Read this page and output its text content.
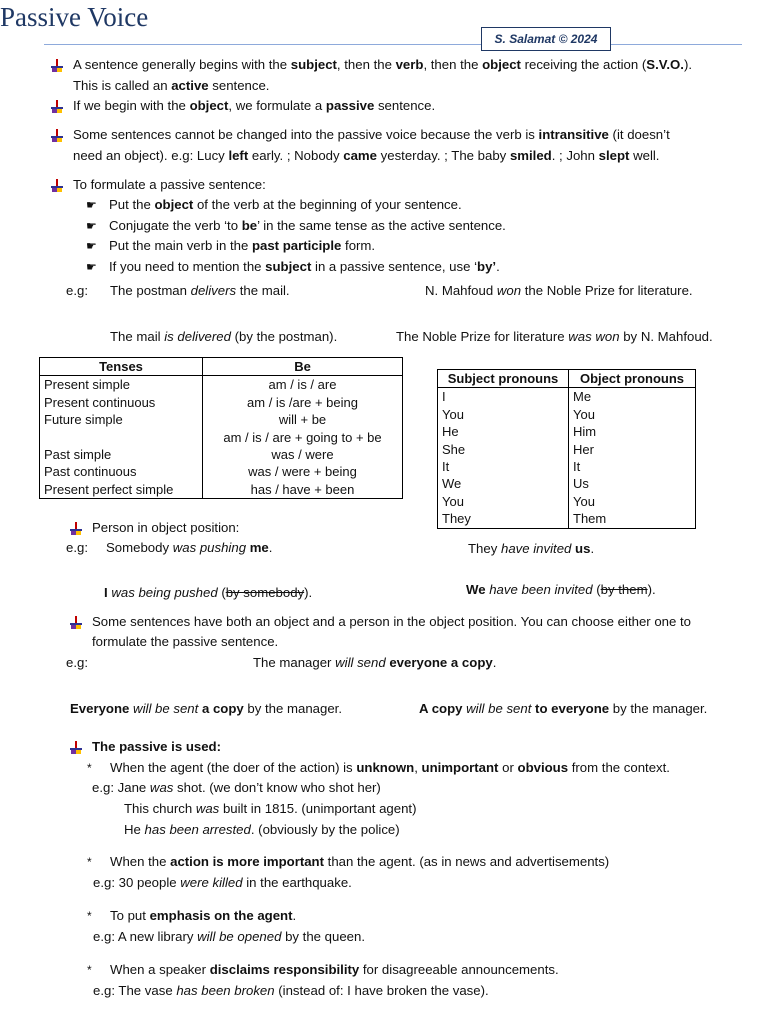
Passive Voice
S. Salamat © 2024
A sentence generally begins with the subject, then the verb, then the object receiving the action (S.V.O.).
This is called an active sentence.
If we begin with the object, we formulate a passive sentence.
Some sentences cannot be changed into the passive voice because the verb is intransitive (it doesn’t
need an object). e.g: Lucy left early. ; Nobody came yesterday. ; The baby smiled. ; John slept well.
To formulate a passive sentence:
☛ Put the object of the verb at the beginning of your sentence.
☛ Conjugate the verb ‘to be’ in the same tense as the active sentence.
☛ Put the main verb in the past participle form.
☛ If you need to mention the subject in a passive sentence, use ‘by’.
e.g: The postman delivers the mail.	N. Mahfoud won the Noble Prize for literature.
The mail is delivered (by the postman).	The Noble Prize for literature was won by N. Mahfoud.
Tenses	Be
Present simple	am / is / are
Present continuous	am / is /are + being
Future simple	will + be
	am / is / are + going to + be
Past simple	was / were
Past continuous	was / were + being
Present perfect simple	has / have + been
Subject pronouns	Object pronouns
I	Me
You	You
He	Him
She	Her
It	It
We	Us
You	You
They	Them
Person in object position:
e.g: Somebody was pushing me.	They have invited us.
I was being pushed (by somebody).	We have been invited (by them).
Some sentences have both an object and a person in the object position. You can choose either one to
formulate the passive sentence.
e.g:	The manager will send everyone a copy.
Everyone will be sent a copy by the manager.	A copy will be sent to everyone by the manager.
The passive is used:
* When the agent (the doer of the action) is unknown, unimportant or obvious from the context.
e.g: Jane was shot. (we don’t know who shot her)
This church was built in 1815. (unimportant agent)
He has been arrested. (obviously by the police)
* When the action is more important than the agent. (as in news and advertisements)
e.g: 30 people were killed in the earthquake.
* To put emphasis on the agent.
e.g: A new library will be opened by the queen.
* When a speaker disclaims responsibility for disagreeable announcements.
e.g: The vase has been broken (instead of: I have broken the vase).
